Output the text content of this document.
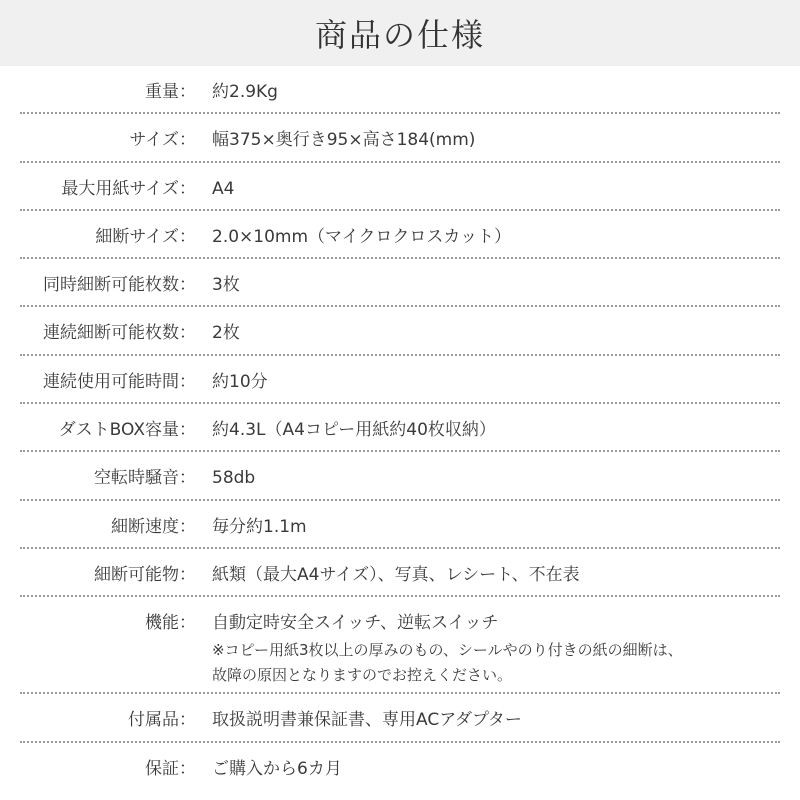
商品の仕様
重量： 約2.9Kg
サイズ： 幅375×奥行き95×高さ184(mm)
最大用紙サイズ： A4
細断サイズ： 2.0×10mm（マイクロクロスカット）
同時細断可能枚数： 3枚
連続細断可能枚数： 2枚
連続使用可能時間： 約10分
ダストBOX容量： 約4.3L（A4コピー用紙約40枚収納）
空転時騒音： 58db
細断速度： 毎分約1.1m
細断可能物： 紙類（最大A4サイズ）、写真、レシート、不在表
機能： 自動定時安全スイッチ、逆転スイッチ
※コピー用紙3枚以上の厚みのもの、シールやのり付きの紙の細断は、
故障の原因となりますのでお控えください。
付属品： 取扱説明書兼保証書、専用ACアダプター
保証： ご購入から6カ月
